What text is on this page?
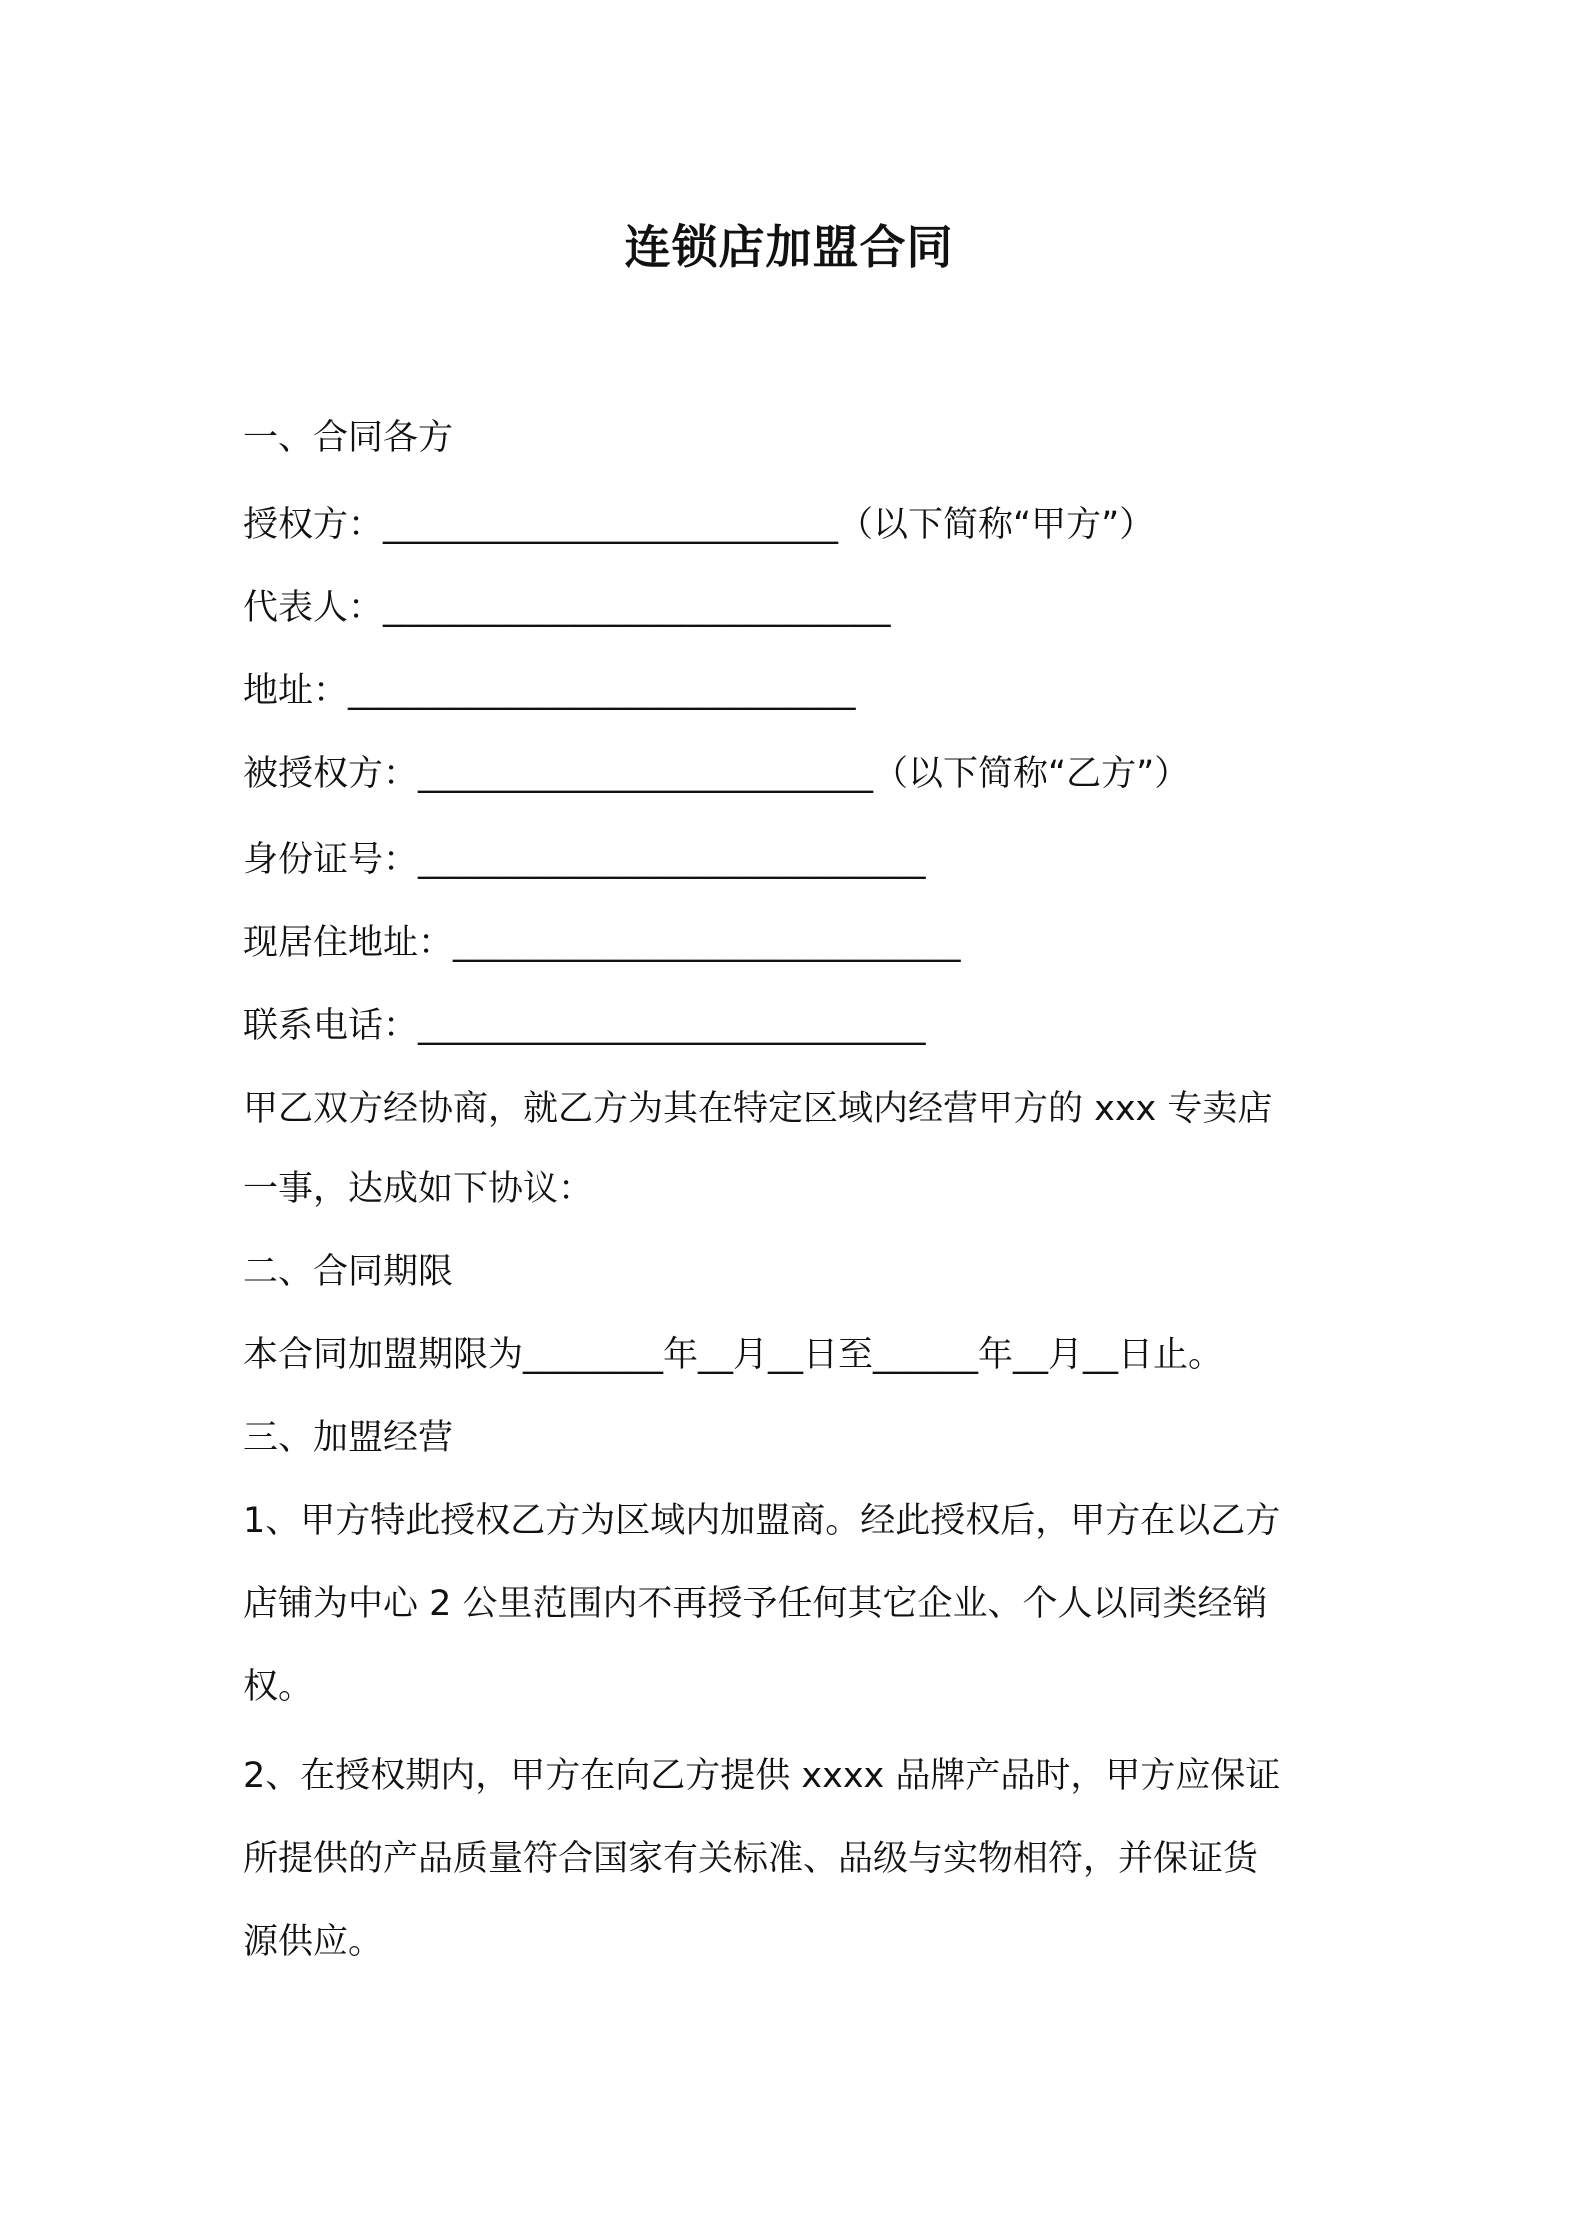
连锁店加盟合同
一、合同各方
授权方：__________________________（以下简称“甲方”）
代表人：_____________________________
地址：_____________________________
被授权方：__________________________（以下简称“乙方”）
身份证号：_____________________________
现居住地址：_____________________________
联系电话：_____________________________
甲乙双方经协商，就乙方为其在特定区域内经营甲方的 xxx 专卖店
一事，达成如下协议：
二、合同期限
本合同加盟期限为________年__月__日至______年__月__日止。
三、加盟经营
1、甲方特此授权乙方为区域内加盟商。经此授权后，甲方在以乙方
店铺为中心 2 公里范围内不再授予任何其它企业、个人以同类经销
权。
2、在授权期内，甲方在向乙方提供 xxxx 品牌产品时，甲方应保证
所提供的产品质量符合国家有关标准、品级与实物相符，并保证货
源供应。
